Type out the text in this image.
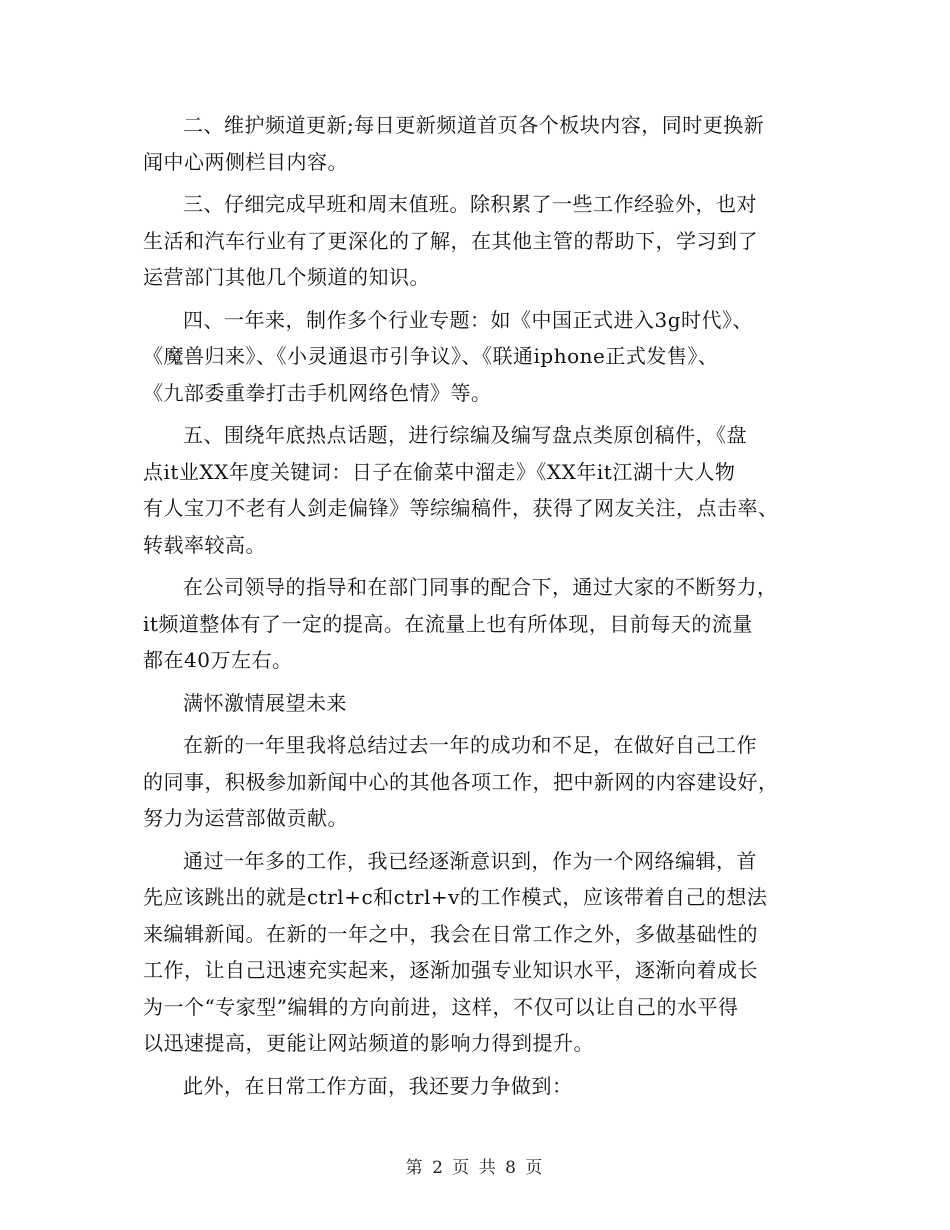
二、维护频道更新;每日更新频道首页各个板块内容，同时更换新
闻中心两侧栏目内容。

三、仔细完成早班和周末值班。除积累了一些工作经验外，也对
生活和汽车行业有了更深化的了解，在其他主管的帮助下，学习到了
运营部门其他几个频道的知识。

四、一年来，制作多个行业专题：如《中国正式进入3g时代》、
《魔兽归来》、《小灵通退市引争议》、《联通iphone正式发售》、
《九部委重拳打击手机网络色情》等。

五、围绕年底热点话题，进行综编及编写盘点类原创稿件，《盘
点it业XX年度关键词：日子在偷菜中溜走》《XX年it江湖十大人物
有人宝刀不老有人剑走偏锋》等综编稿件，获得了网友关注，点击率、
转载率较高。

在公司领导的指导和在部门同事的配合下，通过大家的不断努力，
it频道整体有了一定的提高。在流量上也有所体现，目前每天的流量
都在40万左右。

满怀激情展望未来

在新的一年里我将总结过去一年的成功和不足，在做好自己工作
的同事，积极参加新闻中心的其他各项工作，把中新网的内容建设好，
努力为运营部做贡献。

通过一年多的工作，我已经逐渐意识到，作为一个网络编辑，首
先应该跳出的就是ctrl+c和ctrl+v的工作模式，应该带着自己的想法
来编辑新闻。在新的一年之中，我会在日常工作之外，多做基础性的
工作，让自己迅速充实起来，逐渐加强专业知识水平，逐渐向着成长
为一个“专家型”编辑的方向前进，这样，不仅可以让自己的水平得
以迅速提高，更能让网站频道的影响力得到提升。

此外，在日常工作方面，我还要力争做到：

第 2 页 共 8 页
